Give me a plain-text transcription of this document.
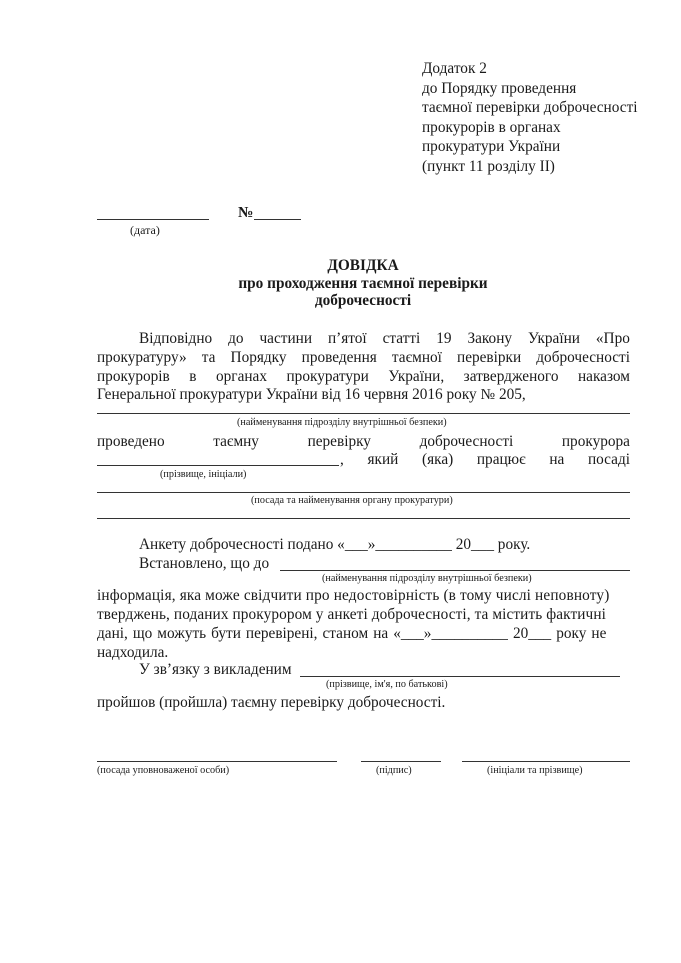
Додаток 2
до Порядку проведення
таємної перевірки доброчесності
прокурорів в органах
прокуратури України
(пункт 11 розділу ІІ)
(дата)
№
ДОВІДКА
про проходження таємної перевірки
доброчесності
Відповідно до частини п’ятої статті 19 Закону України «Про
прокуратуру» та Порядку проведення таємної перевірки доброчесності
прокурорів в органах прокуратури України, затвердженого наказом
Генеральної прокуратури України від 16 червня 2016 року № 205,
(найменування підрозділу внутрішньої безпеки)
проведено	таємну	перевірку	доброчесності	прокурора
, який (яка) працює на посаді
(прізвище, ініціали)
(посада та найменування органу прокуратури)
Анкету доброчесності подано «___»__________ 20___ року.
Встановлено, що до
(найменування підрозділу внутрішньої безпеки)
інформація, яка може свідчити про недостовірність (в тому числі неповноту)
тверджень, поданих прокурором у анкеті доброчесності, та містить фактичні
дані, що можуть бути перевірені, станом на «___»__________ 20___ року не
надходила.
У зв’язку з викладеним
(прізвище, ім'я, по батькові)
пройшов (пройшла) таємну перевірку доброчесності.
(посада уповноваженої особи)	(підпис)	(ініціали та прізвище)
